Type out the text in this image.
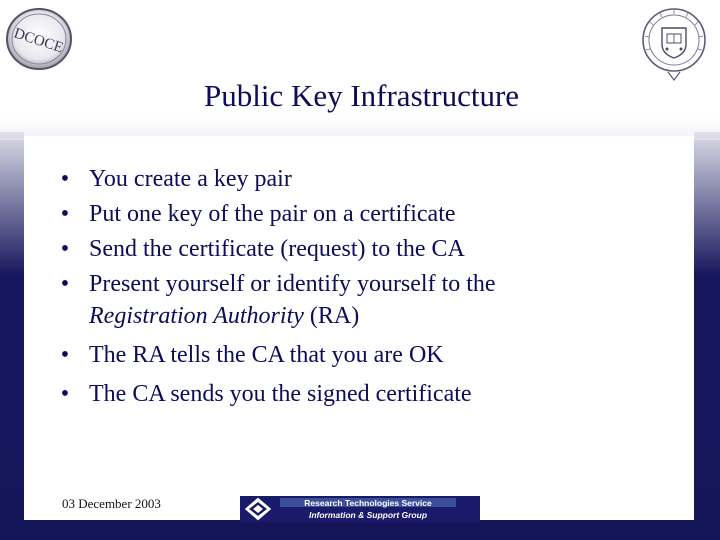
DCOCE
Public Key Infrastructure
• You create a key pair
• Put one key of the pair on a certificate
• Send the certificate (request) to the CA
• Present yourself or identify yourself to the
Registration Authority (RA)
• The RA tells the CA that you are OK
• The CA sends you the signed certificate
03 December 2003	Research Technologies Service
Information & Support Group
